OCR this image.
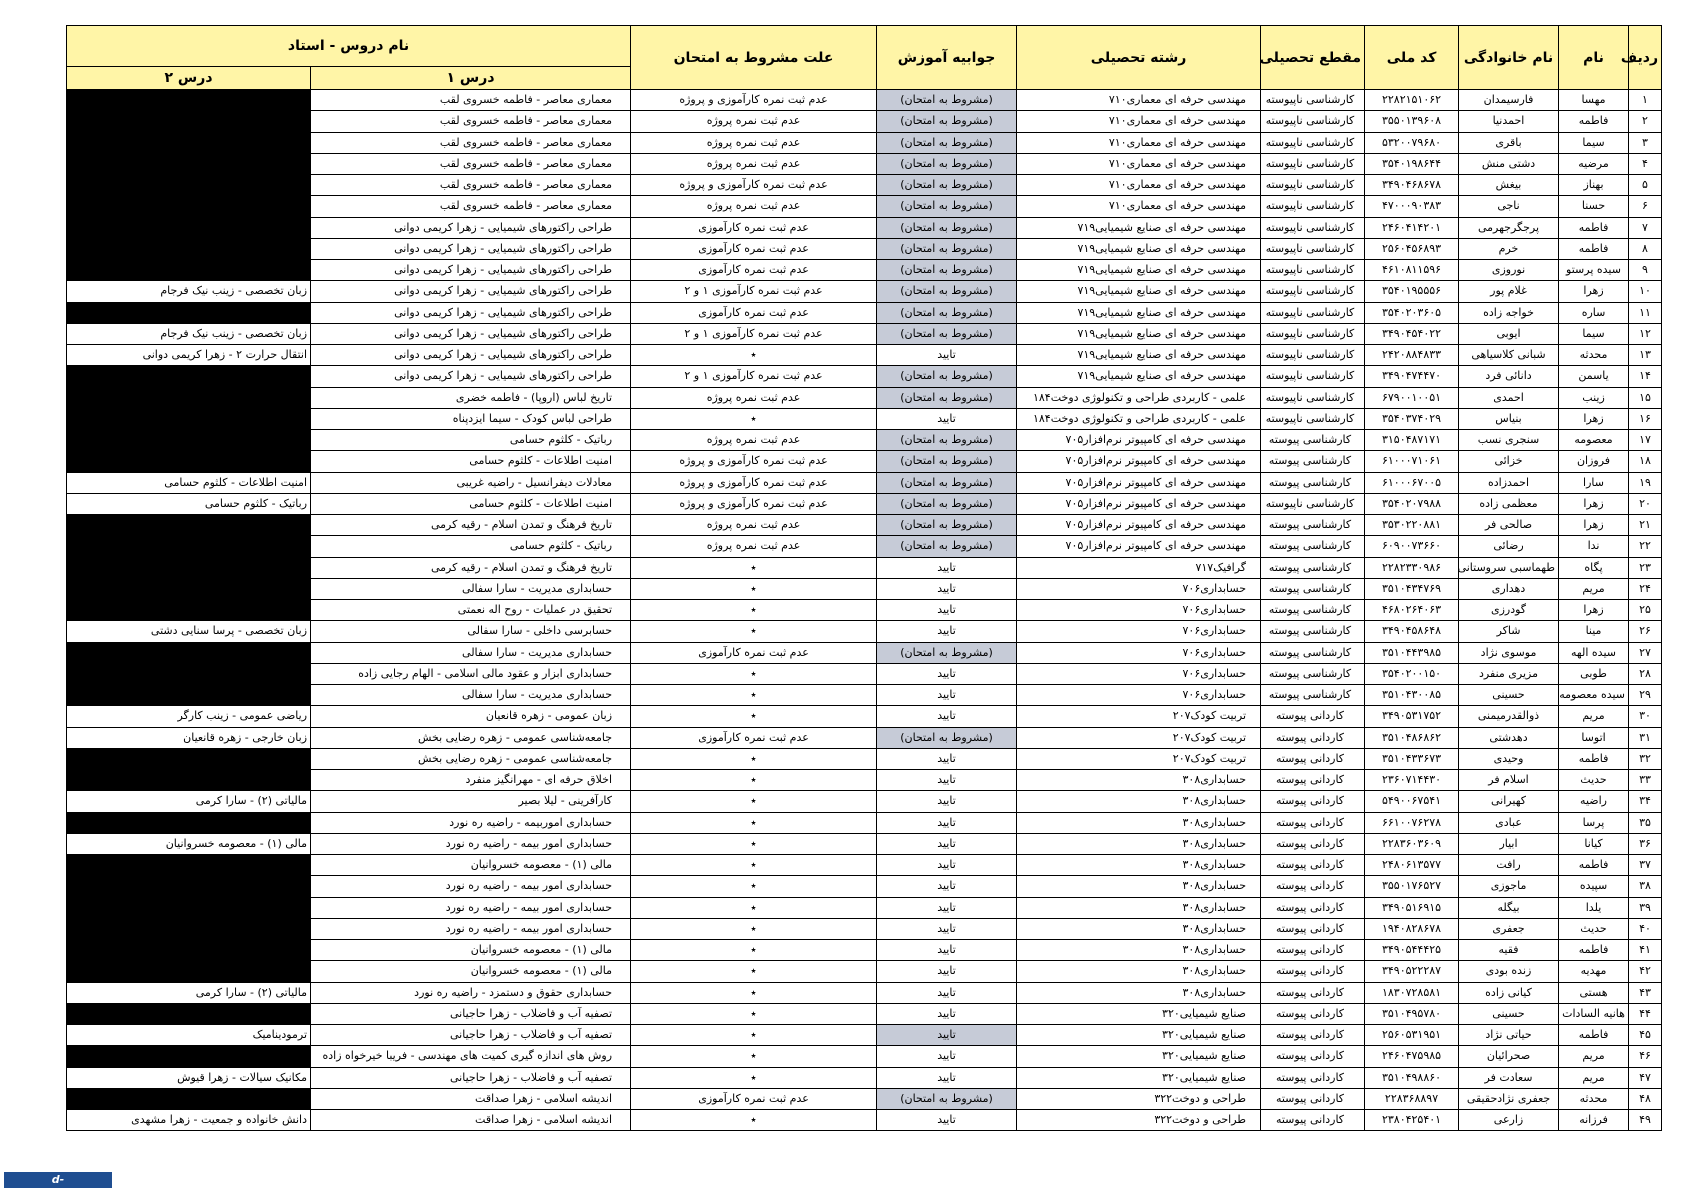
ردیف	نام	نام خانوادگی	کد ملی	مقطع تحصیلی	رشته تحصیلی	جوابیه آموزش	علت مشروط به امتحان	نام دروس - استاد	
								درس ۱	درس ۲
۱	مهسا	فارسیمدان	۲۲۸۲۱۵۱۰۶۲	کارشناسی ناپیوسته	مهندسی حرفه ای معماری۷۱۰	(مشروط به امتحان)	عدم ثبت نمره کارآموزی و پروژه	معماری معاصر - فاطمه خسروی لقب	
۲	فاطمه	احمدنیا	۳۵۵۰۱۳۹۶۰۸	کارشناسی ناپیوسته	مهندسی حرفه ای معماری۷۱۰	(مشروط به امتحان)	عدم ثبت نمره پروژه	معماری معاصر - فاطمه خسروی لقب	
۳	سیما	باقری	۵۳۲۰۰۷۹۶۸۰	کارشناسی ناپیوسته	مهندسی حرفه ای معماری۷۱۰	(مشروط به امتحان)	عدم ثبت نمره پروژه	معماری معاصر - فاطمه خسروی لقب	
۴	مرضیه	دشتی منش	۳۵۴۰۱۹۸۶۴۴	کارشناسی ناپیوسته	مهندسی حرفه ای معماری۷۱۰	(مشروط به امتحان)	عدم ثبت نمره پروژه	معماری معاصر - فاطمه خسروی لقب	
۵	بهناز	بیغش	۳۴۹۰۴۶۸۶۷۸	کارشناسی ناپیوسته	مهندسی حرفه ای معماری۷۱۰	(مشروط به امتحان)	عدم ثبت نمره کارآموزی و پروژه	معماری معاصر - فاطمه خسروی لقب	
۶	حسنا	ناجی	۴۷۰۰۰۹۰۳۸۳	کارشناسی ناپیوسته	مهندسی حرفه ای معماری۷۱۰	(مشروط به امتحان)	عدم ثبت نمره پروژه	معماری معاصر - فاطمه خسروی لقب	
۷	فاطمه	پرجگرجهرمی	۲۴۶۰۴۱۴۲۰۱	کارشناسی ناپیوسته	مهندسی حرفه ای صنایع شیمیایی۷۱۹	(مشروط به امتحان)	عدم ثبت نمره کارآموزی	طراحی راکتورهای شیمیایی - زهرا کریمی دوانی	
۸	فاطمه	خرم	۲۵۶۰۴۵۶۸۹۳	کارشناسی ناپیوسته	مهندسی حرفه ای صنایع شیمیایی۷۱۹	(مشروط به امتحان)	عدم ثبت نمره کارآموزی	طراحی راکتورهای شیمیایی - زهرا کریمی دوانی	
۹	سیده پرستو	نوروزی	۴۶۱۰۸۱۱۵۹۶	کارشناسی ناپیوسته	مهندسی حرفه ای صنایع شیمیایی۷۱۹	(مشروط به امتحان)	عدم ثبت نمره کارآموزی	طراحی راکتورهای شیمیایی - زهرا کریمی دوانی	
۱۰	زهرا	غلام پور	۳۵۴۰۱۹۵۵۵۶	کارشناسی ناپیوسته	مهندسی حرفه ای صنایع شیمیایی۷۱۹	(مشروط به امتحان)	عدم ثبت نمره کارآموزی ۱ و ۲	طراحی راکتورهای شیمیایی - زهرا کریمی دوانی	زبان تخصصی - زینب نیک فرجام
۱۱	ساره	خواجه زاده	۳۵۴۰۲۰۳۶۰۵	کارشناسی ناپیوسته	مهندسی حرفه ای صنایع شیمیایی۷۱۹	(مشروط به امتحان)	عدم ثبت نمره کارآموزی	طراحی راکتورهای شیمیایی - زهرا کریمی دوانی	
۱۲	سیما	ایوبی	۳۴۹۰۴۵۴۰۲۲	کارشناسی ناپیوسته	مهندسی حرفه ای صنایع شیمیایی۷۱۹	(مشروط به امتحان)	عدم ثبت نمره کارآموزی ۱ و ۲	طراحی راکتورهای شیمیایی - زهرا کریمی دوانی	زبان تخصصی - زینب نیک فرجام
۱۳	محدثه	شبانی کلاسیاهی	۲۴۲۰۸۸۴۸۳۳	کارشناسی ناپیوسته	مهندسی حرفه ای صنایع شیمیایی۷۱۹	تایید	٭	طراحی راکتورهای شیمیایی - زهرا کریمی دوانی	انتقال حرارت ۲ - زهرا کریمی دوانی
۱۴	یاسمن	دانائی فرد	۳۴۹۰۴۷۴۴۷۰	کارشناسی ناپیوسته	مهندسی حرفه ای صنایع شیمیایی۷۱۹	(مشروط به امتحان)	عدم ثبت نمره کارآموزی ۱ و ۲	طراحی راکتورهای شیمیایی - زهرا کریمی دوانی	
۱۵	زینب	احمدی	۶۷۹۰۰۱۰۰۵۱	کارشناسی ناپیوسته	علمی - کاربردی طراحی و تکنولوژی دوخت۱۸۴	(مشروط به امتحان)	عدم ثبت نمره پروژه	تاریخ لباس (اروپا) - فاطمه خضری	
۱۶	زهرا	بنیاس	۳۵۴۰۳۷۴۰۲۹	کارشناسی ناپیوسته	علمی - کاربردی طراحی و تکنولوژی دوخت۱۸۴	تایید	٭	طراحی لباس کودک - سیما ایزدپناه	
۱۷	معصومه	سنجری نسب	۳۱۵۰۴۸۷۱۷۱	کارشناسی پیوسته	مهندسی حرفه ای کامپیوتر نرم‌افزار۷۰۵	(مشروط به امتحان)	عدم ثبت نمره پروژه	رباتیک - کلثوم حسامی	
۱۸	فروزان	خزائی	۶۱۰۰۰۷۱۰۶۱	کارشناسی پیوسته	مهندسی حرفه ای کامپیوتر نرم‌افزار۷۰۵	(مشروط به امتحان)	عدم ثبت نمره کارآموزی و پروژه	امنیت اطلاعات - کلثوم حسامی	
۱۹	سارا	احمدزاده	۶۱۰۰۰۶۷۰۰۵	کارشناسی پیوسته	مهندسی حرفه ای کامپیوتر نرم‌افزار۷۰۵	(مشروط به امتحان)	عدم ثبت نمره کارآموزی و پروژه	معادلات دیفرانسیل - راضیه غریبی	امنیت اطلاعات - کلثوم حسامی
۲۰	زهرا	معظمی زاده	۳۵۴۰۲۰۷۹۸۸	کارشناسی ناپیوسته	مهندسی حرفه ای کامپیوتر نرم‌افزار۷۰۵	(مشروط به امتحان)	عدم ثبت نمره کارآموزی و پروژه	امنیت اطلاعات - کلثوم حسامی	رباتیک - کلثوم حسامی
۲۱	زهرا	صالحی فر	۳۵۳۰۲۲۰۸۸۱	کارشناسی پیوسته	مهندسی حرفه ای کامپیوتر نرم‌افزار۷۰۵	(مشروط به امتحان)	عدم ثبت نمره پروژه	تاریخ فرهنگ و تمدن اسلام - رقیه کرمی	
۲۲	ندا	رضائی	۶۰۹۰۰۷۳۶۶۰	کارشناسی پیوسته	مهندسی حرفه ای کامپیوتر نرم‌افزار۷۰۵	(مشروط به امتحان)	عدم ثبت نمره پروژه	رباتیک - کلثوم حسامی	
۲۳	پگاه	طهماسبی سروستانی	۲۲۸۲۳۳۰۹۸۶	کارشناسی پیوسته	گرافیک۷۱۷	تایید	٭	تاریخ فرهنگ و تمدن اسلام - رقیه کرمی	
۲۴	مریم	دهداری	۳۵۱۰۴۳۴۷۶۹	کارشناسی پیوسته	حسابداری۷۰۶	تایید	٭	حسابداری مدیریت - سارا سفالی	
۲۵	زهرا	گودرزی	۴۶۸۰۲۶۴۰۶۳	کارشناسی پیوسته	حسابداری۷۰۶	تایید	٭	تحقیق در عملیات - روح اله نعمتی	
۲۶	مینا	شاکر	۳۴۹۰۴۵۸۶۴۸	کارشناسی پیوسته	حسابداری۷۰۶	تایید	٭	حسابرسی داخلی - سارا سفالی	زبان تخصصی - پرسا سنایی دشتی
۲۷	سیده الهه	موسوی نژاد	۳۵۱۰۴۴۳۹۸۵	کارشناسی پیوسته	حسابداری۷۰۶	(مشروط به امتحان)	عدم ثبت نمره کارآموزی	حسابداری مدیریت - سارا سفالی	
۲۸	طوبی	مزیری منفرد	۳۵۴۰۲۰۰۱۵۰	کارشناسی پیوسته	حسابداری۷۰۶	تایید	٭	حسابداری ابزار و عقود مالی اسلامی - الهام رجایی زاده	
۲۹	سیده معصومه	حسینی	۳۵۱۰۴۳۰۰۸۵	کارشناسی پیوسته	حسابداری۷۰۶	تایید	٭	حسابداری مدیریت - سارا سفالی	
۳۰	مریم	ذوالقدرمیمنی	۳۴۹۰۵۳۱۷۵۲	کاردانی پیوسته	تربیت کودک۲۰۷	تایید	٭	زبان عمومی - زهره قانعیان	ریاضی عمومی - زینب کارگر
۳۱	اتوسا	دهدشتی	۳۵۱۰۴۸۶۸۶۲	کاردانی پیوسته	تربیت کودک۲۰۷	(مشروط به امتحان)	عدم ثبت نمره کارآموزی	جامعه‌شناسی عمومی - زهره رضایی بخش	زبان خارجی - زهره قانعیان
۳۲	فاطمه	وحیدی	۳۵۱۰۴۳۳۶۷۳	کاردانی پیوسته	تربیت کودک۲۰۷	تایید	٭	جامعه‌شناسی عمومی - زهره رضایی بخش	
۳۳	حدیث	اسلام فر	۲۳۶۰۷۱۴۴۳۰	کاردانی پیوسته	حسابداری۳۰۸	تایید	٭	اخلاق حرفه ای - مهرانگیز منفرد	
۳۴	راضیه	کهیرانی	۵۴۹۰۰۶۷۵۴۱	کاردانی پیوسته	حسابداری۳۰۸	تایید	٭	کارآفرینی - لیلا بصیر	مالیاتی (۲) - سارا کرمی
۳۵	پرسا	عبادی	۶۶۱۰۰۷۶۲۷۸	کاردانی پیوسته	حسابداری۳۰۸	تایید	٭	حسابداری اموربیمه - راضیه ره نورد	
۳۶	کیانا	ابیار	۲۲۸۳۶۰۳۶۰۹	کاردانی پیوسته	حسابداری۳۰۸	تایید	٭	حسابداری امور بیمه - راضیه ره نورد	مالی (۱) - معصومه خسروانیان
۳۷	فاطمه	رافت	۲۴۸۰۶۱۳۵۷۷	کاردانی پیوسته	حسابداری۳۰۸	تایید	٭	مالی (۱) - معصومه خسروانیان	
۳۸	سپیده	ماجوزی	۳۵۵۰۱۷۶۵۲۷	کاردانی پیوسته	حسابداری۳۰۸	تایید	٭	حسابداری امور بیمه - راضیه ره نورد	
۳۹	یلدا	بیگله	۳۴۹۰۵۱۶۹۱۵	کاردانی پیوسته	حسابداری۳۰۸	تایید	٭	حسابداری امور بیمه - راضیه ره نورد	
۴۰	حدیث	جعفری	۱۹۴۰۸۲۸۶۷۸	کاردانی پیوسته	حسابداری۳۰۸	تایید	٭	حسابداری امور بیمه - راضیه ره نورد	
۴۱	فاطمه	فقیه	۳۴۹۰۵۴۴۴۲۵	کاردانی پیوسته	حسابداری۳۰۸	تایید	٭	مالی (۱) - معصومه خسروانیان	
۴۲	مهدیه	زنده بودی	۳۴۹۰۵۲۲۲۸۷	کاردانی پیوسته	حسابداری۳۰۸	تایید	٭	مالی (۱) - معصومه خسروانیان	
۴۳	هستی	کیانی زاده	۱۸۳۰۷۲۸۵۸۱	کاردانی پیوسته	حسابداری۳۰۸	تایید	٭	حسابداری حقوق و دستمزد - راضیه ره نورد	مالیاتی (۲) - سارا کرمی
۴۴	هانیه السادات	حسینی	۳۵۱۰۴۹۵۷۸۰	کاردانی پیوسته	صنایع شیمیایی۳۲۰	تایید	٭	تصفیه آب و فاضلاب - زهرا حاجیانی	
۴۵	فاطمه	حیاتی نژاد	۲۵۶۰۵۳۱۹۵۱	کاردانی پیوسته	صنایع شیمیایی۳۲۰	تایید	٭	تصفیه آب و فاضلاب - زهرا حاجیانی	ترمودینامیک
۴۶	مریم	صحرائیان	۲۴۶۰۴۷۵۹۸۵	کاردانی پیوسته	صنایع شیمیایی۳۲۰	تایید	٭	روش های اندازه گیری کمیت های مهندسی - فریبا خیرخواه زاده	
۴۷	مریم	سعادت فر	۳۵۱۰۴۹۸۸۶۰	کاردانی پیوسته	صنایع شیمیایی۳۲۰	تایید	٭	تصفیه آب و فاضلاب - زهرا حاجیانی	مکانیک سیالات - زهرا قیوش
۴۸	محدثه	جعفری نژادحقیقی	۲۲۸۳۶۸۸۹۷	کاردانی پیوسته	طراحی و دوخت۳۲۲	(مشروط به امتحان)	عدم ثبت نمره کارآموزی	اندیشه اسلامی - زهرا صداقت	
۴۹	فرزانه	زارعی	۲۳۸۰۴۲۵۴۰۱	کاردانی پیوسته	طراحی و دوخت۳۲۲	تایید	٭	اندیشه اسلامی - زهرا صداقت	دانش خانواده و جمعیت - زهرا مشهدی
d-bushehr.tvu.ac.ir
